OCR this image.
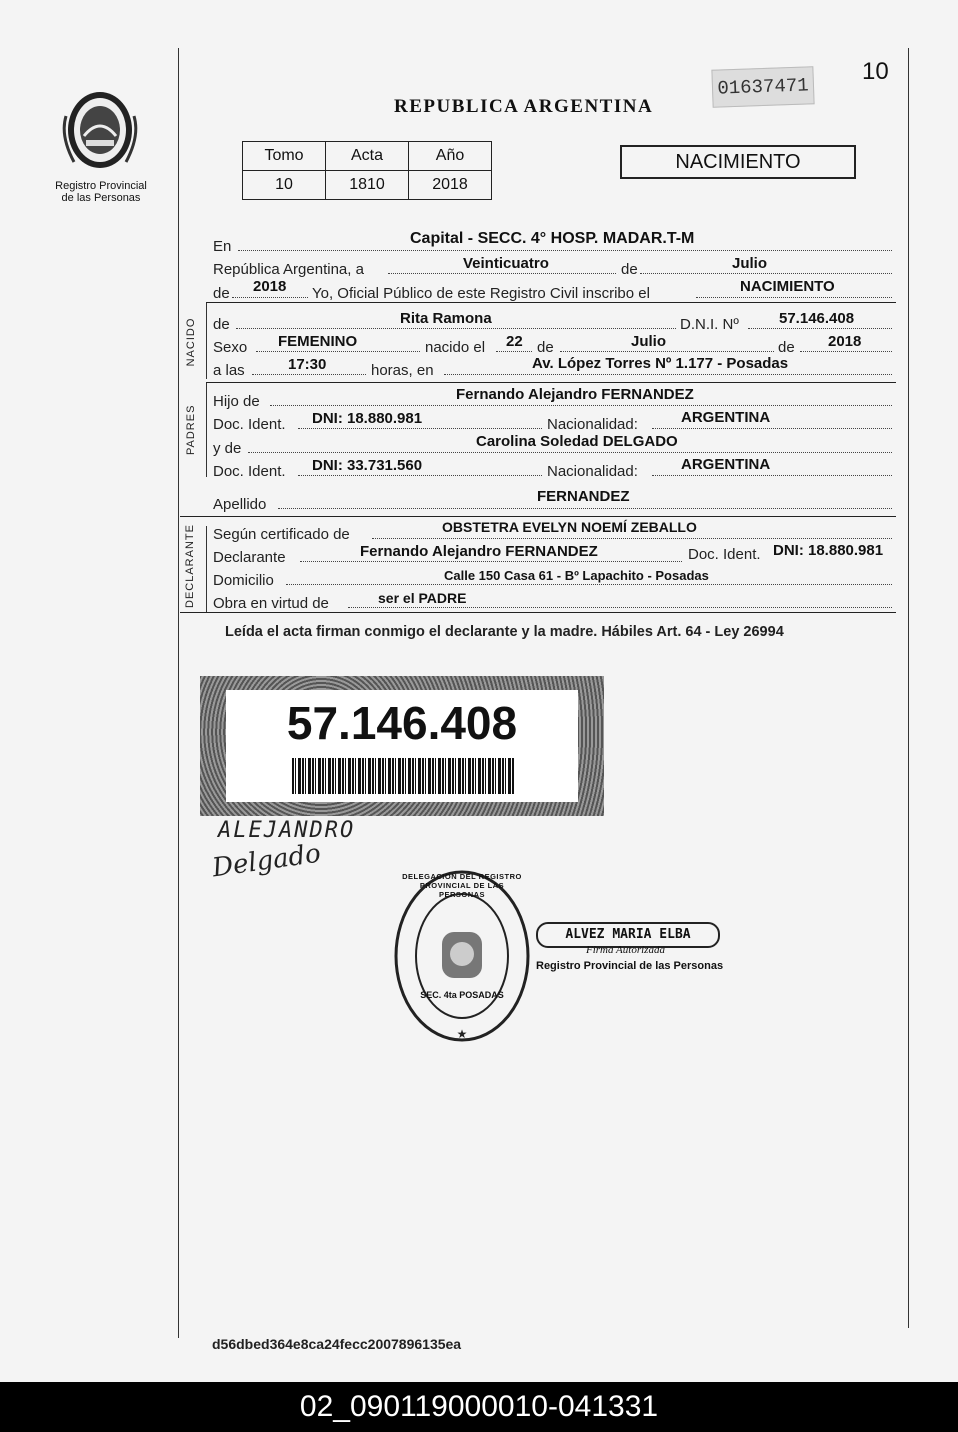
Registro Provincial
de las Personas
REPUBLICA ARGENTINA
01637471
10
Tomo	Acta	Año
10	1810	2018
NACIMIENTO
En	Capital - SECC. 4° HOSP. MADAR.T-M
República Argentina, a	Veinticuatro	de	Julio
de 2018 Yo, Oficial Público de este Registro Civil inscribo el	NACIMIENTO
NACIDO de	Rita Ramona	D.N.I. Nº	57.146.408
Sexo FEMENINO	nacido el 22 de	Julio	de 2018
a las	17:30	horas, en	Av. López Torres Nº 1.177 - Posadas
PADRES
Hijo de	Fernando Alejandro FERNANDEZ
Doc. Ident. DNI: 18.880.981	Nacionalidad:	ARGENTINA
y de	Carolina Soledad DELGADO
Doc. Ident. DNI: 33.731.560	Nacionalidad:	ARGENTINA
Apellido	FERNANDEZ
DECLARANTE Según certificado de	OBSTETRA EVELYN NOEMÍ ZEBALLO
Declarante	Fernando Alejandro FERNANDEZ	Doc. Ident. DNI: 18.880.981
Domicilio	Calle 150 Casa 61 - Bº Lapachito - Posadas
Obra en virtud de	ser el PADRE
Leída el acta firman conmigo el declarante y la madre. Hábiles Art. 64 - Ley 26994
57.146.408
ALEJANDRO
Delgado
★
DELEGACION DEL REGISTRO PROVINCIAL DE LAS PERSONAS
SEC. 4ta POSADAS
ALVEZ MARIA ELBA
Firma Autorizada
Registro Provincial de las Personas
d56dbed364e8ca24fecc2007896135ea
02_090119000010-041331
